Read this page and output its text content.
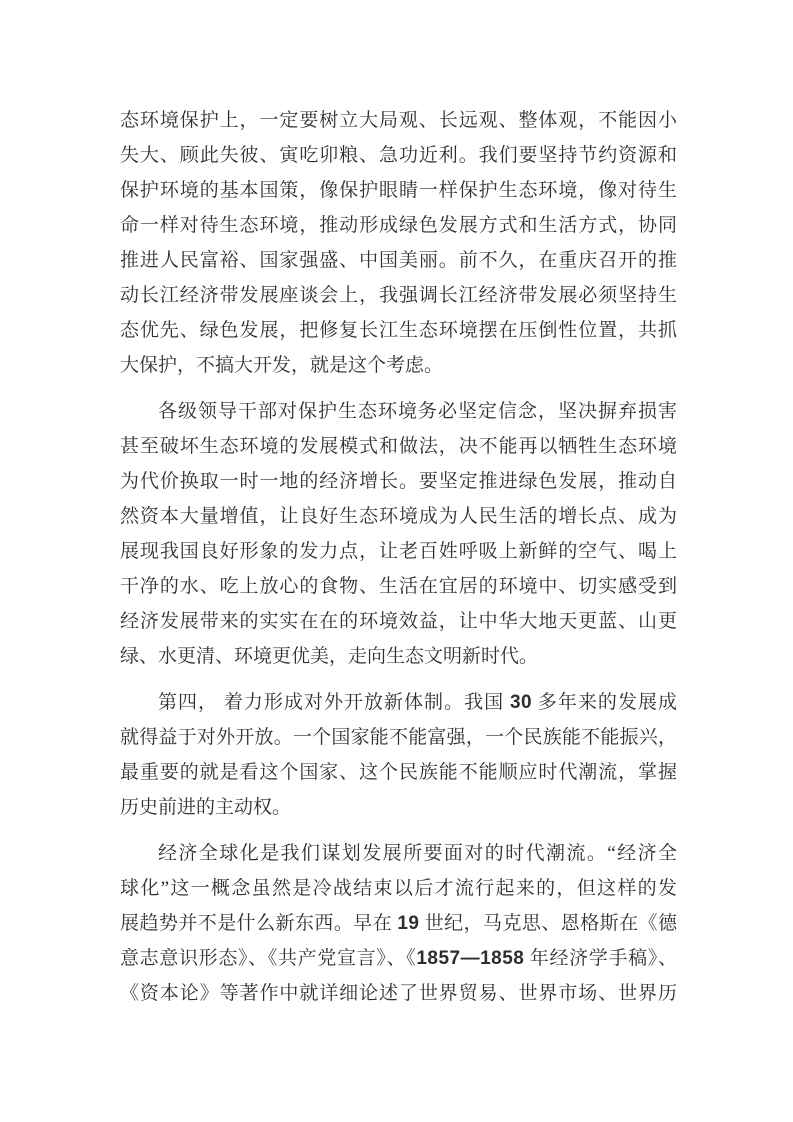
态环境保护上，一定要树立大局观、长远观、整体观，不能因小
失大、顾此失彼、寅吃卯粮、急功近利。我们要坚持节约资源和
保护环境的基本国策，像保护眼睛一样保护生态环境，像对待生
命一样对待生态环境，推动形成绿色发展方式和生活方式，协同
推进人民富裕、国家强盛、中国美丽。前不久，在重庆召开的推
动长江经济带发展座谈会上，我强调长江经济带发展必须坚持生
态优先、绿色发展，把修复长江生态环境摆在压倒性位置，共抓
大保护，不搞大开发，就是这个考虑。
各级领导干部对保护生态环境务必坚定信念，坚决摒弃损害
甚至破坏生态环境的发展模式和做法，决不能再以牺牲生态环境
为代价换取一时一地的经济增长。要坚定推进绿色发展，推动自
然资本大量增值，让良好生态环境成为人民生活的增长点、成为
展现我国良好形象的发力点，让老百姓呼吸上新鲜的空气、喝上
干净的水、吃上放心的食物、生活在宜居的环境中、切实感受到
经济发展带来的实实在在的环境效益，让中华大地天更蓝、山更
绿、水更清、环境更优美，走向生态文明新时代。
第四， 着力形成对外开放新体制。我国 30 多年来的发展成
就得益于对外开放。一个国家能不能富强，一个民族能不能振兴，
最重要的就是看这个国家、这个民族能不能顺应时代潮流，掌握
历史前进的主动权。
经济全球化是我们谋划发展所要面对的时代潮流。“经济全
球化”这一概念虽然是冷战结束以后才流行起来的，但这样的发
展趋势并不是什么新东西。早在 19 世纪，马克思、恩格斯在《德
意志意识形态》、《共产党宣言》、《1857—1858 年经济学手稿》、
《资本论》等著作中就详细论述了世界贸易、世界市场、世界历
